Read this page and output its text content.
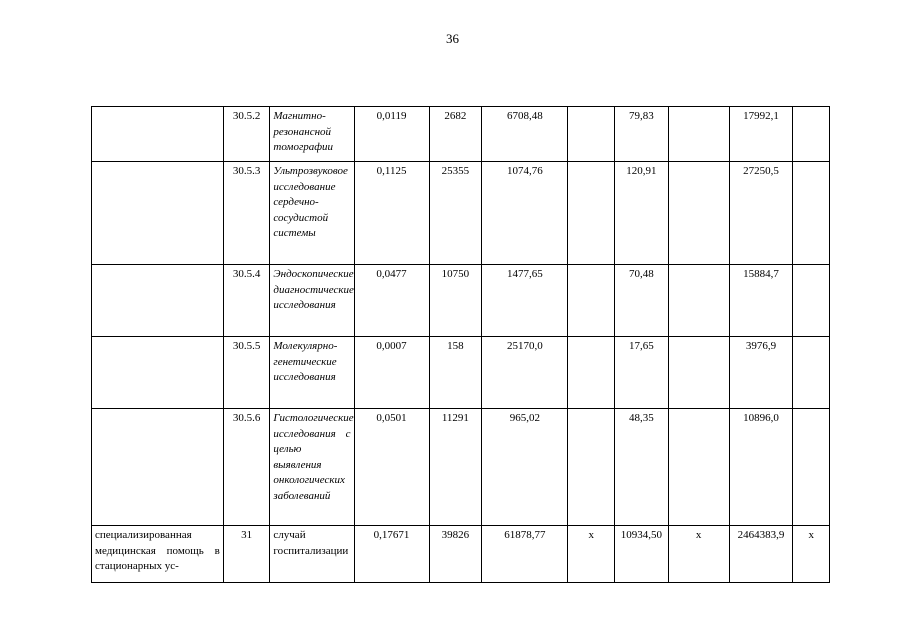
36
	30.5.2	Магнитно-резонансной томографии	0,0119	2682	6708,48		79,83		17992,1	
	30.5.3	Ультрозвуковое исследование сердечно-сосудистой системы	0,1125	25355	1074,76		120,91		27250,5	
	30.5.4	Эндоскопические диагностические исследования	0,0477	10750	1477,65		70,48		15884,7	
	30.5.5	Молекулярно-генетические исследования	0,0007	158	25170,0		17,65		3976,9	
	30.5.6	Гистологические исследования с целью выявления онкологических заболеваний	0,0501	11291	965,02		48,35		10896,0	
специализированная медицинская помощь в стационарных ус-	31	случай госпитализации	0,17671	39826	61878,77	x	10934,50	x	2464383,9	x
